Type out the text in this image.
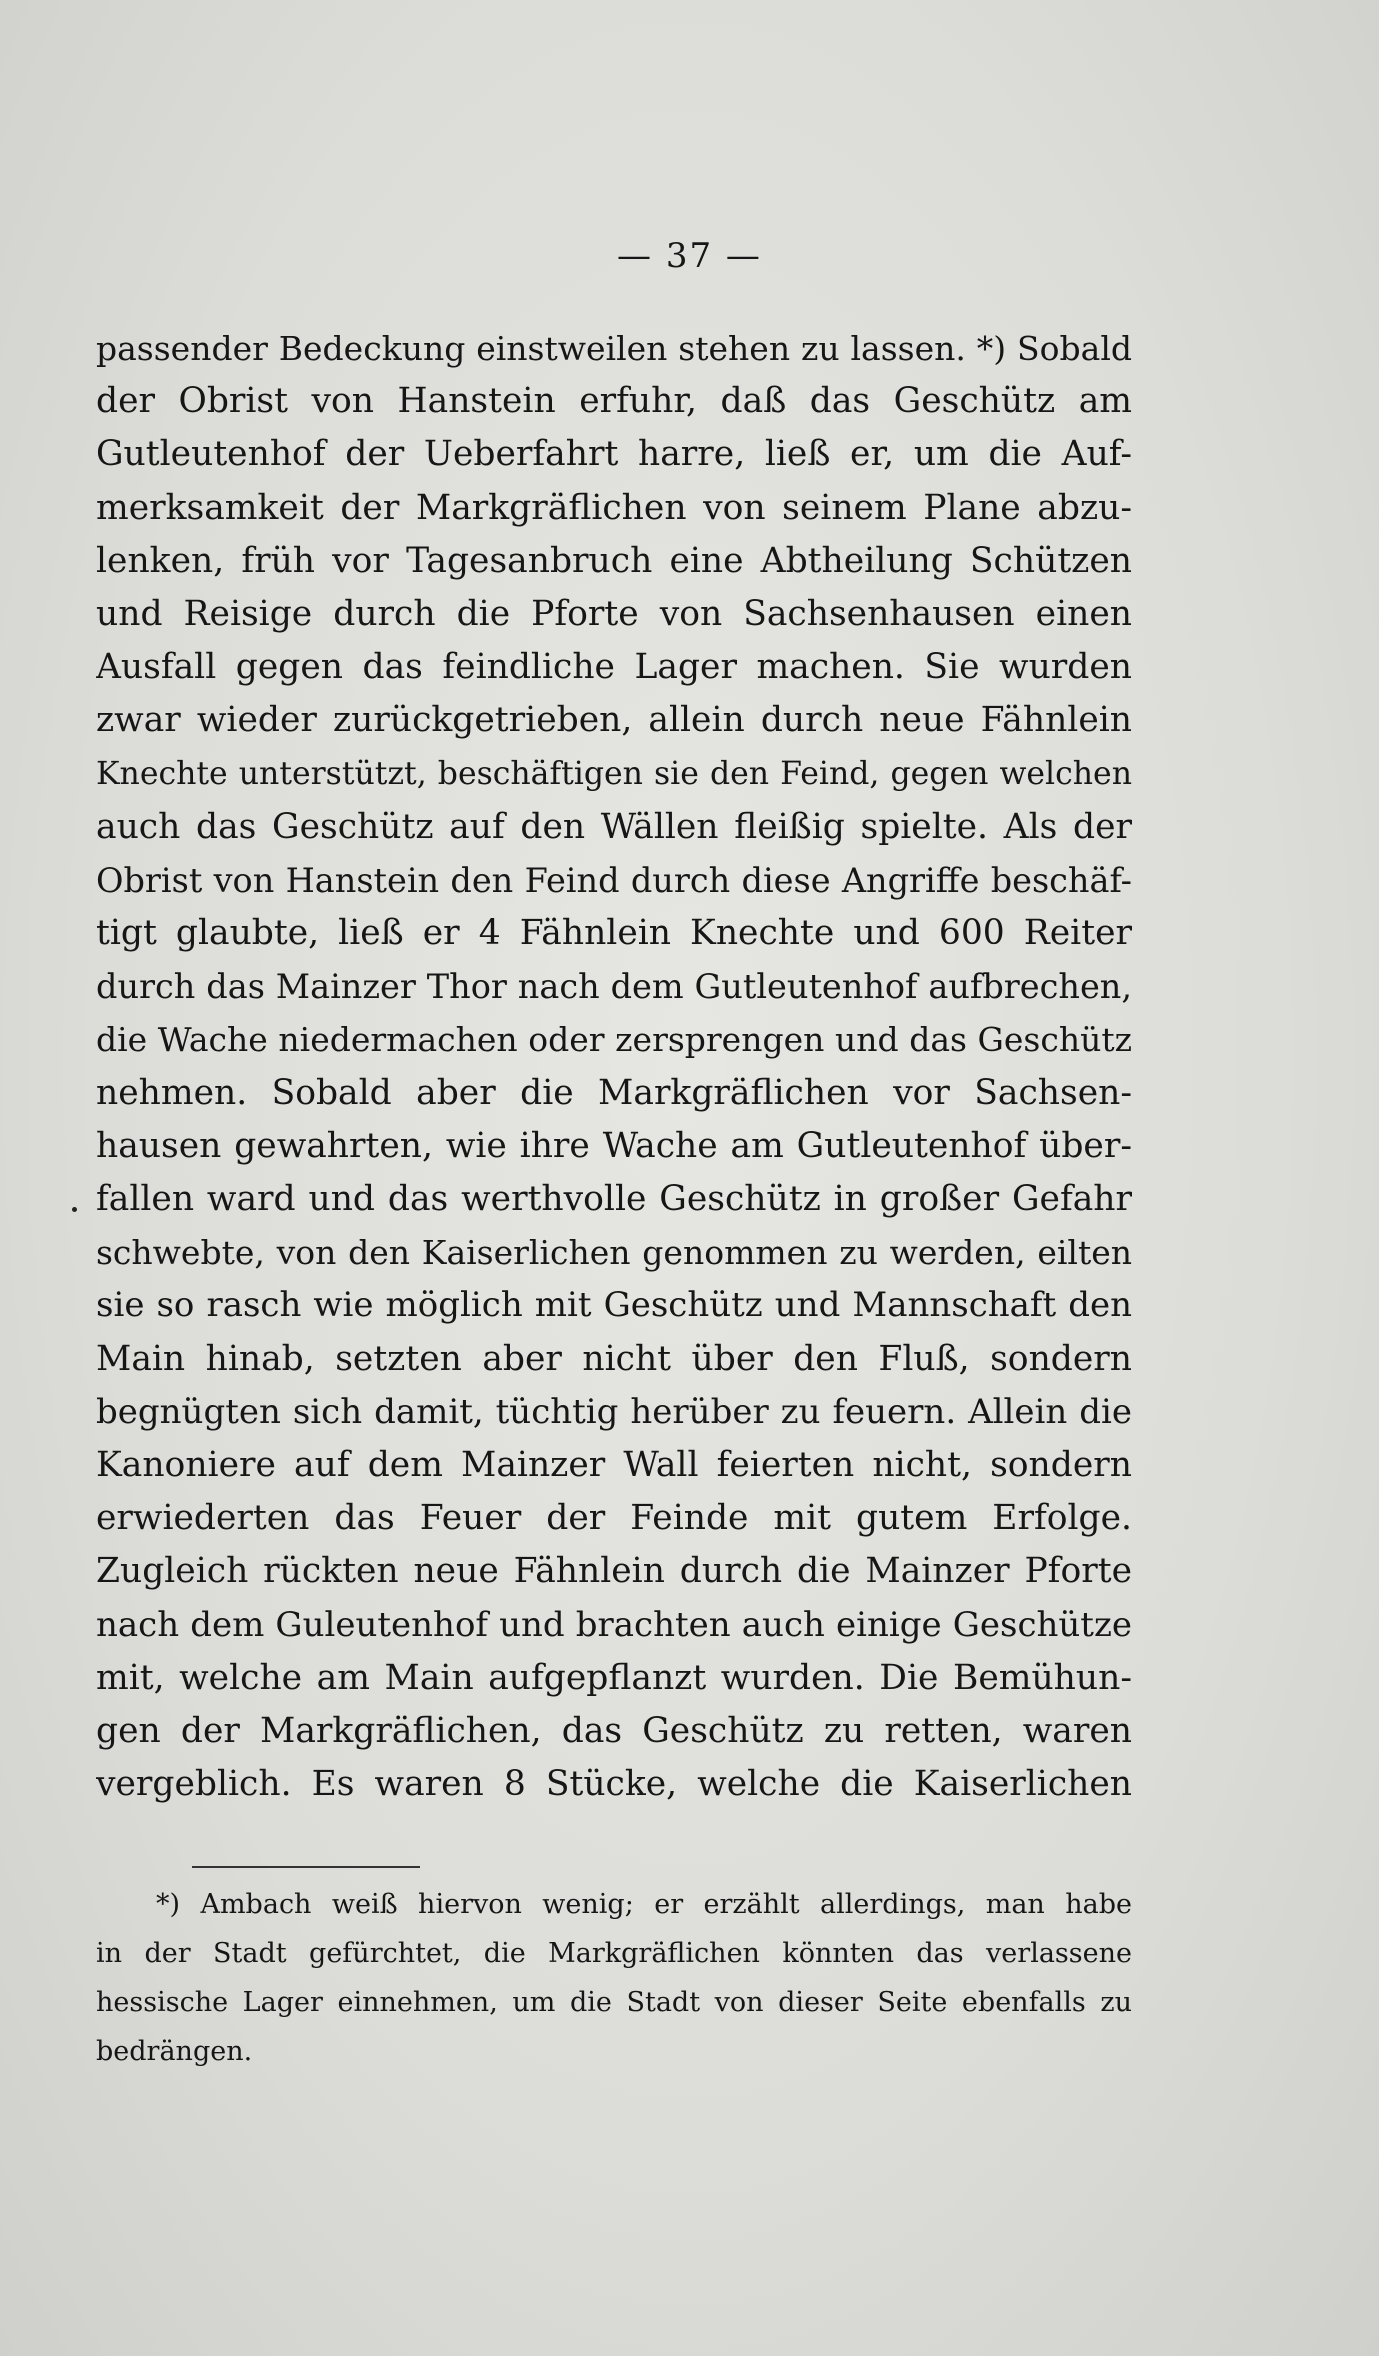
— 37 —
passender Bedeckung einstweilen stehen zu lassen. *) Sobald
der Obrist von Hanstein erfuhr, daß das Geschütz am
Gutleutenhof der Ueberfahrt harre, ließ er, um die Auf-
merksamkeit der Markgräflichen von seinem Plane abzu-
lenken, früh vor Tagesanbruch eine Abtheilung Schützen
und Reisige durch die Pforte von Sachsenhausen einen
Ausfall gegen das feindliche Lager machen. Sie wurden
zwar wieder zurückgetrieben, allein durch neue Fähnlein
Knechte unterstützt, beschäftigen sie den Feind, gegen welchen
auch das Geschütz auf den Wällen fleißig spielte. Als der
Obrist von Hanstein den Feind durch diese Angriffe beschäf-
tigt glaubte, ließ er 4 Fähnlein Knechte und 600 Reiter
durch das Mainzer Thor nach dem Gutleutenhof aufbrechen,
die Wache niedermachen oder zersprengen und das Geschütz
nehmen. Sobald aber die Markgräflichen vor Sachsen-
hausen gewahrten, wie ihre Wache am Gutleutenhof über-
fallen ward und das werthvolle Geschütz in großer Gefahr
schwebte, von den Kaiserlichen genommen zu werden, eilten
sie so rasch wie möglich mit Geschütz und Mannschaft den
Main hinab, setzten aber nicht über den Fluß, sondern
begnügten sich damit, tüchtig herüber zu feuern. Allein die
Kanoniere auf dem Mainzer Wall feierten nicht, sondern
erwiederten das Feuer der Feinde mit gutem Erfolge.
Zugleich rückten neue Fähnlein durch die Mainzer Pforte
nach dem Guleutenhof und brachten auch einige Geschütze
mit, welche am Main aufgepflanzt wurden. Die Bemühun-
gen der Markgräflichen, das Geschütz zu retten, waren
vergeblich. Es waren 8 Stücke, welche die Kaiserlichen
*) Ambach weiß hiervon wenig; er erzählt allerdings, man habe
in der Stadt gefürchtet, die Markgräflichen könnten das verlassene
hessische Lager einnehmen, um die Stadt von dieser Seite ebenfalls zu
bedrängen.
